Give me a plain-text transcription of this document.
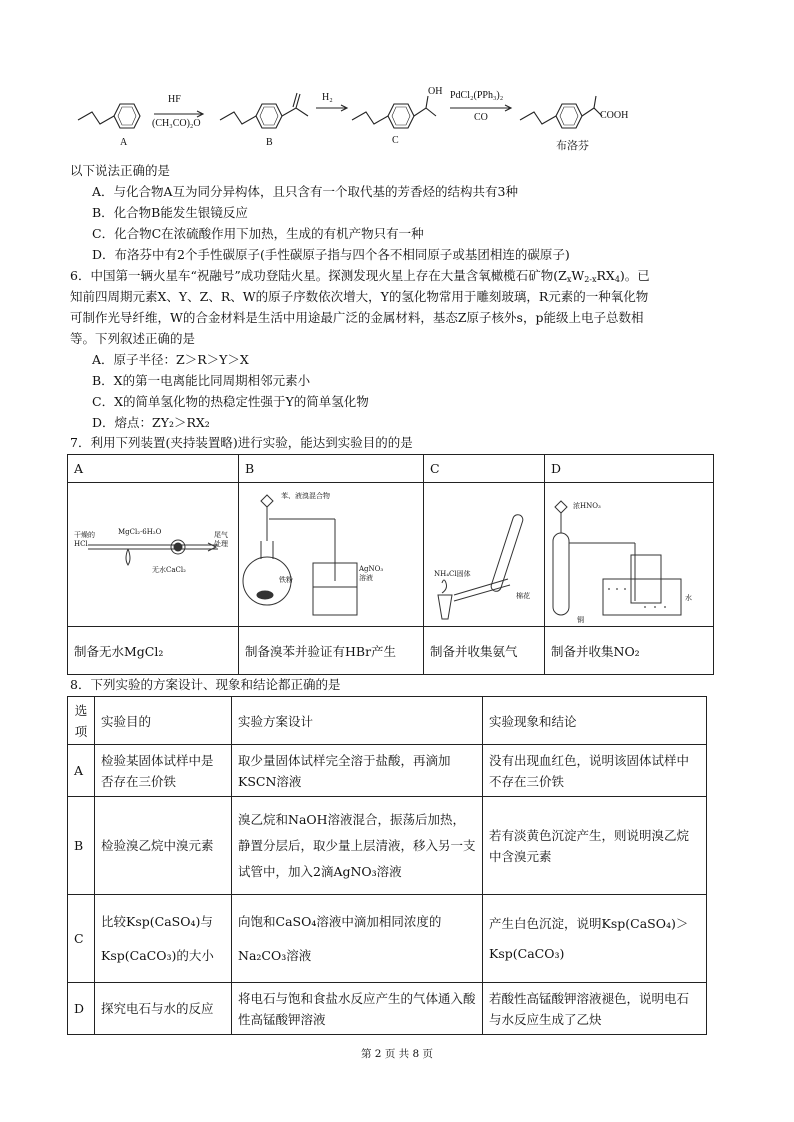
HF
(CH₃CO)₂O
H₂	PdCl₂(PPh₃)₂
CO
OH
COOH
A	B	C	布洛芬
以下说法正确的是
A．与化合物A互为同分异构体，且只含有一个取代基的芳香烃的结构共有3种
B．化合物B能发生银镜反应
C．化合物C在浓硫酸作用下加热，生成的有机产物只有一种
D．布洛芬中有2个手性碳原子(手性碳原子指与四个各不相同原子或基团相连的碳原子)
6．中国第一辆火星车“祝融号”成功登陆火星。探测发现火星上存在大量含氧橄榄石矿物$(Z_xW_{2-x}RX_4)$。已
知前四周期元素X、Y、Z、R、W的原子序数依次增大，Y的氢化物常用于雕刻玻璃，R元素的一种氧化物
可制作光导纤维，W的合金材料是生活中用途最广泛的金属材料，基态Z原子核外s，p能级上电子总数相
等。下列叙述正确的是
A．原子半径：Z＞R＞Y＞X
B．X的第一电离能比同周期相邻元素小
C．X的简单氢化物的热稳定性强于Y的简单氢化物
D．熔点：ZY₂＞RX₂
7．利用下列装置(夹持装置略)进行实验，能达到实验目的的是
A	B	C	D

干燥的HCl
MgCl₂·6H₂O
无水CaCl₂
尾气处理	苯、液溴混合物
AgNO₃溶液
铁粉	NH₄Cl固体
棉花	浓HNO₃
铜
水

制备无水MgCl₂	制备溴苯并验证有HBr产生	制备并收集氨气	制备并收集NO₂
8．下列实验的方案设计、现象和结论都正确的是
选项	实验目的	实验方案设计	实验现象和结论
A	检验某固体试样中是否存在三价铁	取少量固体试样完全溶于盐酸，再滴加KSCN溶液	没有出现血红色，说明该固体试样中不存在三价铁

B	检验溴乙烷中溴元素	溴乙烷和NaOH溶液混合，振荡后加热，静置分层后，取少量上层清液，移入另一支试管中，加入2滴AgNO₃溶液	若有淡黄色沉淀产生，则说明溴乙烷中含溴元素

C	比较Ksp(CaSO₄)与Ksp(CaCO₃)的大小	向饱和CaSO₄溶液中滴加相同浓度的Na₂CO₃溶液	产生白色沉淀，说明Ksp(CaSO₄)＞Ksp(CaCO₃)

D	探究电石与水的反应	将电石与饱和食盐水反应产生的气体通入酸性高锰酸钾溶液	若酸性高锰酸钾溶液褪色，说明电石与水反应生成了乙炔
第 2 页 共 8 页
